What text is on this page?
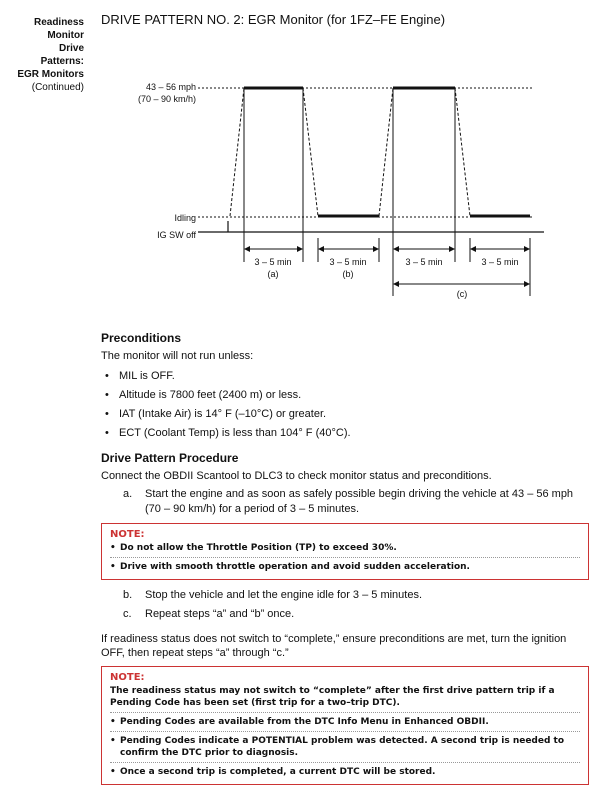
Readiness
Monitor
Drive
Patterns:
EGR Monitors
(Continued)
DRIVE PATTERN NO. 2: EGR Monitor (for 1FZ–FE Engine)
43 – 56 mph
(70 – 90 km/h)
Idling
IG SW off
3 – 5 min
(a)
3 – 5 min
(b)
3 – 5 min	3 – 5 min
(c)
Preconditions
The monitor will not run unless:
• MIL is OFF.
• Altitude is 7800 feet (2400 m) or less.
• IAT (Intake Air) is 14° F (–10°C) or greater.
• ECT (Coolant Temp) is less than 104° F (40°C).
Drive Pattern Procedure
Connect the OBDII Scantool to DLC3 to check monitor status and preconditions.
a.	Start the engine and as soon as safely possible begin driving the vehicle at 43 – 56 mph (70 – 90 km/h) for a period of 3 – 5 minutes.
NOTE:
• Do not allow the Throttle Position (TP) to exceed 30%.
• Drive with smooth throttle operation and avoid sudden acceleration.
b.	Stop the vehicle and let the engine idle for 3 – 5 minutes.
c.	Repeat steps “a” and “b” once.
If readiness status does not switch to “complete,” ensure preconditions are met, turn the ignition OFF, then repeat steps “a” through “c.”
NOTE:
The readiness status may not switch to “complete” after the first drive pattern trip if a Pending Code has been set (first trip for a two–trip DTC).
• Pending Codes are available from the DTC Info Menu in Enhanced OBDII.
• Pending Codes indicate a POTENTIAL problem was detected. A second trip is needed to confirm the DTC prior to diagnosis.
• Once a second trip is completed, a current DTC will be stored.
